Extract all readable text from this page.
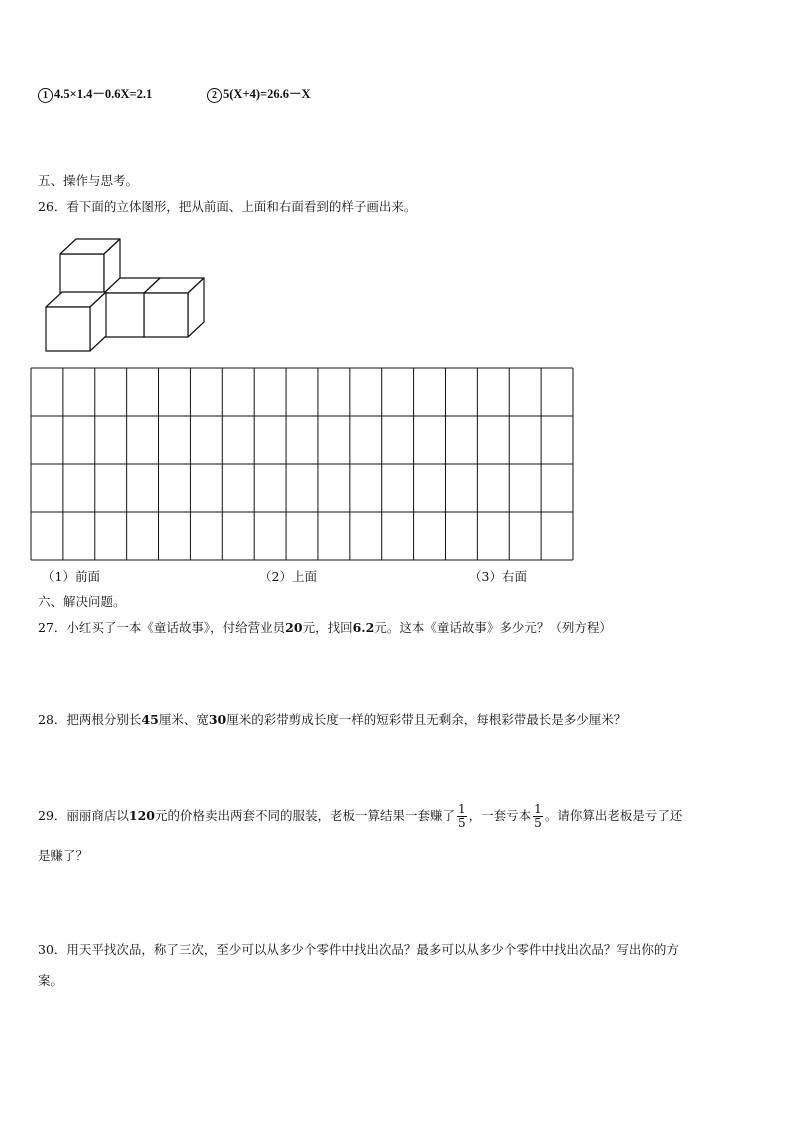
1 4.5×1.4－0.6X=2.1	2 5(X+4)=26.6－X
五、操作与思考。
26．看下面的立体图形，把从前面、上面和右面看到的样子画出来。
（1）前面	（2）上面	（3）右面
六、解决问题。
27．小红买了一本《童话故事》，付给营业员20元，找回6.2元。这本《童话故事》多少元？（列方程）
28．把两根分别长45厘米、宽30厘米的彩带剪成长度一样的短彩带且无剩余，每根彩带最长是多少厘米？
29．丽丽商店以120元的价格卖出两套不同的服装，老板一算结果一套赚了 $\frac{1}{5}$ ，一套亏本 $\frac{1}{5}$ 。请你算出老板是亏了还
是赚了？
30．用天平找次品，称了三次，至少可以从多少个零件中找出次品？最多可以从多少个零件中找出次品？写出你的方
案。
